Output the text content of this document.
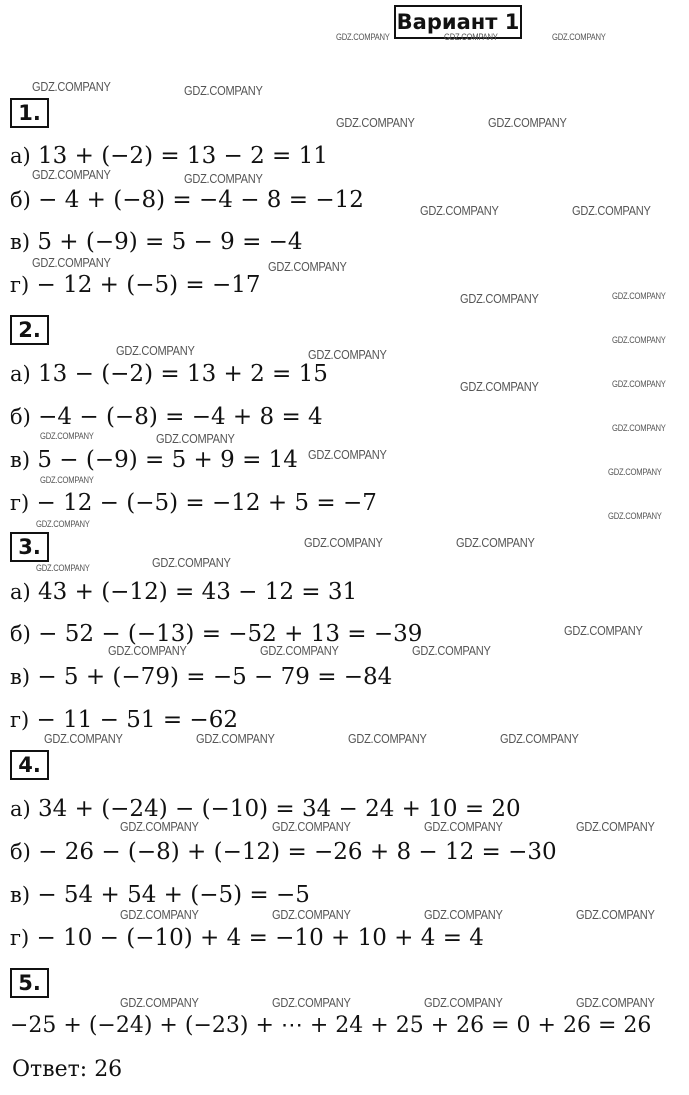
Вариант 1
1.
а) 13 + (−2) = 13 − 2 = 11
б) − 4 + (−8) = −4 − 8 = −12
в) 5 + (−9) = 5 − 9 = −4
г) − 12 + (−5) = −17
2.
а) 13 − (−2) = 13 + 2 = 15
б) −4 − (−8) = −4 + 8 = 4
в) 5 − (−9) = 5 + 9 = 14
г) − 12 − (−5) = −12 + 5 = −7
3.
а) 43 + (−12) = 43 − 12 = 31
б) − 52 − (−13) = −52 + 13 = −39
в) − 5 + (−79) = −5 − 79 = −84
г) − 11 − 51 = −62
4.
а) 34 + (−24) − (−10) = 34 − 24 + 10 = 20
б) − 26 − (−8) + (−12) = −26 + 8 − 12 = −30
в) − 54 + 54 + (−5) = −5
г) − 10 − (−10) + 4 = −10 + 10 + 4 = 4
5.
−25 + (−24) + (−23) + ⋯ + 24 + 25 + 26 = 0 + 26 = 26
Ответ: 26
GDZ.COMPANY	GDZ.COMPANY	GDZ.COMPANY
GDZ.COMPANY	GDZ.COMPANY
GDZ.COMPANY	GDZ.COMPANY
GDZ.COMPANY	GDZ.COMPANY
GDZ.COMPANY	GDZ.COMPANY
GDZ.COMPANY	GDZ.COMPANY
GDZ.COMPANY	GDZ.COMPANY
GDZ.COMPANY
GDZ.COMPANY	GDZ.COMPANY
GDZ.COMPANY	GDZ.COMPANY
GDZ.COMPANY
GDZ.COMPANY	GDZ.COMPANY
GDZ.COMPANY
GDZ.COMPANY
GDZ.COMPANY
GDZ.COMPANY
GDZ.COMPANY
GDZ.COMPANY	GDZ.COMPANY
GDZ.COMPANY
GDZ.COMPANY
GDZ.COMPANY
GDZ.COMPANY	GDZ.COMPANY	GDZ.COMPANY
GDZ.COMPANY	GDZ.COMPANY	GDZ.COMPANY	GDZ.COMPANY
GDZ.COMPANY	GDZ.COMPANY	GDZ.COMPANY	GDZ.COMPANY
GDZ.COMPANY	GDZ.COMPANY	GDZ.COMPANY	GDZ.COMPANY
GDZ.COMPANY	GDZ.COMPANY	GDZ.COMPANY	GDZ.COMPANY
